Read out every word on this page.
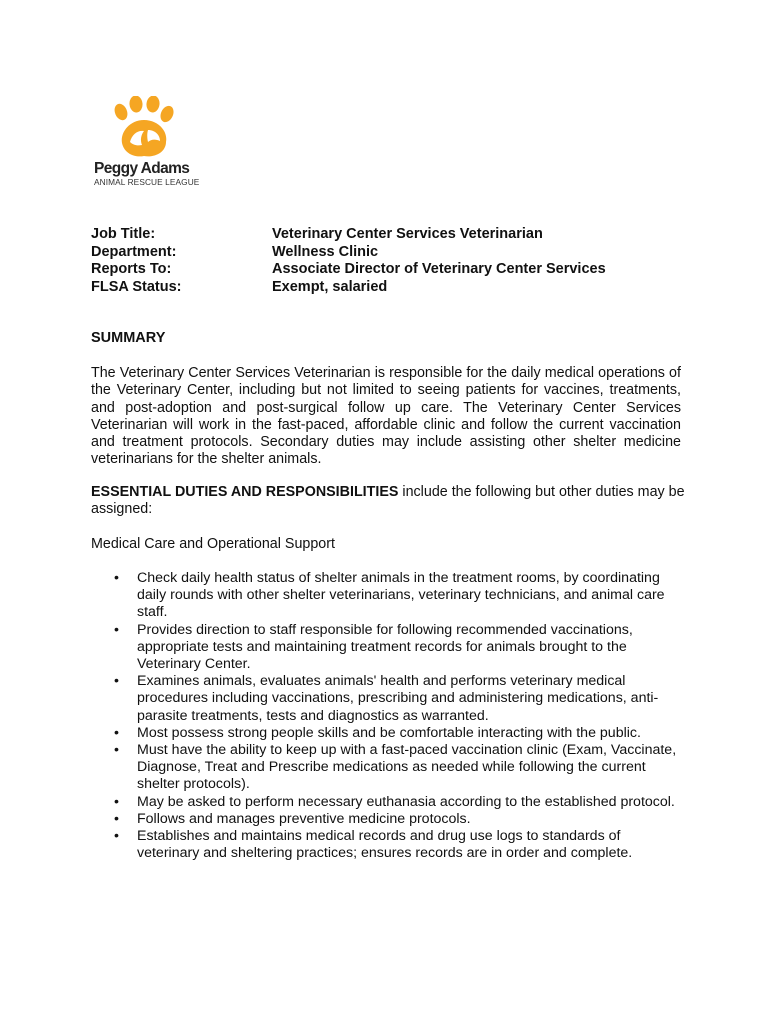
Peggy Adams
ANIMAL RESCUE LEAGUE
Job Title:	Veterinary Center Services Veterinarian
Department:	Wellness Clinic
Reports To:	Associate Director of Veterinary Center Services
FLSA Status:	Exempt, salaried
SUMMARY

The Veterinary Center Services Veterinarian is responsible for the daily medical operations of the Veterinary Center, including but not limited to seeing patients for vaccines, treatments, and post-adoption and post-surgical follow up care. The Veterinary Center Services Veterinarian will work in the fast-paced, affordable clinic and follow the current vaccination and treatment protocols. Secondary duties may include assisting other shelter medicine veterinarians for the shelter animals.

ESSENTIAL DUTIES AND RESPONSIBILITIES include the following but other duties may be assigned:

Medical Care and Operational Support

• Check daily health status of shelter animals in the treatment rooms, by coordinating daily rounds with other shelter veterinarians, veterinary technicians, and animal care staff.
• Provides direction to staff responsible for following recommended vaccinations, appropriate tests and maintaining treatment records for animals brought to the Veterinary Center.
• Examines animals, evaluates animals' health and performs veterinary medical procedures including vaccinations, prescribing and administering medications, anti-parasite treatments, tests and diagnostics as warranted.
• Most possess strong people skills and be comfortable interacting with the public.
• Must have the ability to keep up with a fast-paced vaccination clinic (Exam, Vaccinate, Diagnose, Treat and Prescribe medications as needed while following the current shelter protocols).
• May be asked to perform necessary euthanasia according to the established protocol.
• Follows and manages preventive medicine protocols.
• Establishes and maintains medical records and drug use logs to standards of veterinary and sheltering practices; ensures records are in order and complete.
